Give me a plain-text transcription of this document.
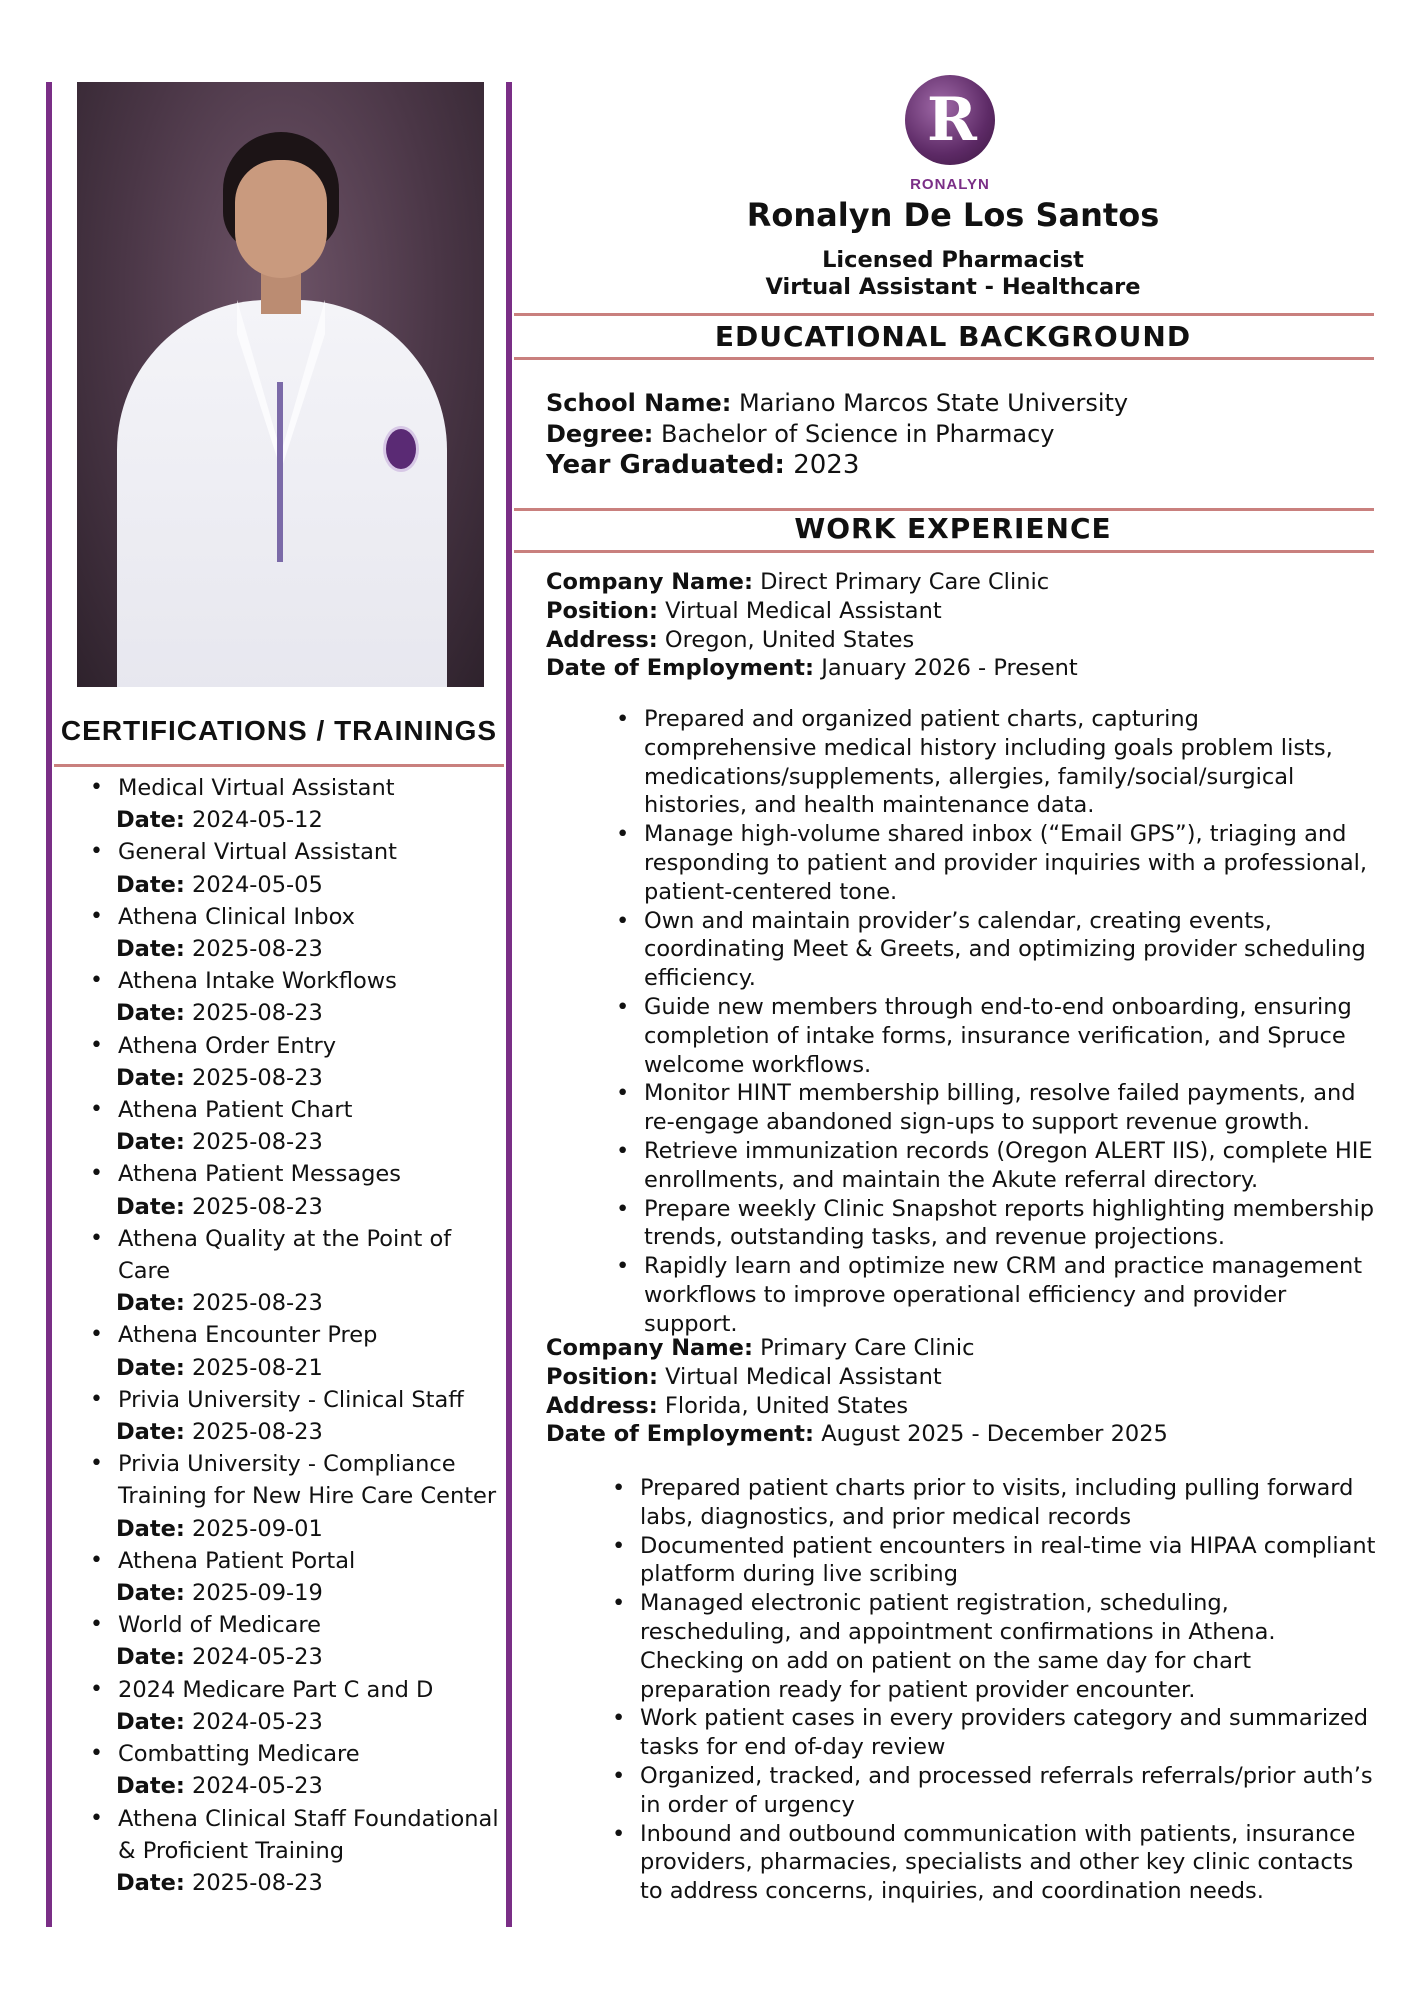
CERTIFICATIONS / TRAININGS
• Medical Virtual Assistant
Date: 2024-05-12
• General Virtual Assistant
Date: 2024-05-05
• Athena Clinical Inbox
Date: 2025-08-23
• Athena Intake Workflows
Date: 2025-08-23
• Athena Order Entry
Date: 2025-08-23
• Athena Patient Chart
Date: 2025-08-23
• Athena Patient Messages
Date: 2025-08-23
• Athena Quality at the Point of Care
Date: 2025-08-23
• Athena Encounter Prep
Date: 2025-08-21
• Privia University - Clinical Staff
Date: 2025-08-23
• Privia University - Compliance Training for New Hire Care Center
Date: 2025-09-01
• Athena Patient Portal
Date: 2025-09-19
• World of Medicare
Date: 2024-05-23
• 2024 Medicare Part C and D
Date: 2024-05-23
• Combatting Medicare
Date: 2024-05-23
• Athena Clinical Staff Foundational & Proficient Training
Date: 2025-08-23
R
RONALYN
Ronalyn De Los Santos
Licensed Pharmacist
Virtual Assistant - Healthcare
EDUCATIONAL BACKGROUND
School Name: Mariano Marcos State University
Degree: Bachelor of Science in Pharmacy
Year Graduated: 2023
WORK EXPERIENCE
Company Name: Direct Primary Care Clinic
Position: Virtual Medical Assistant
Address: Oregon, United States
Date of Employment: January 2026 - Present
• Prepared and organized patient charts, capturing comprehensive medical history including goals problem lists, medications/supplements, allergies, family/social/surgical histories, and health maintenance data.
• Manage high-volume shared inbox (“Email GPS”), triaging and responding to patient and provider inquiries with a professional, patient-centered tone.
• Own and maintain provider’s calendar, creating events, coordinating Meet & Greets, and optimizing provider scheduling efficiency.
• Guide new members through end-to-end onboarding, ensuring completion of intake forms, insurance verification, and Spruce welcome workflows.
• Monitor HINT membership billing, resolve failed payments, and re-engage abandoned sign-ups to support revenue growth.
• Retrieve immunization records (Oregon ALERT IIS), complete HIE enrollments, and maintain the Akute referral directory.
• Prepare weekly Clinic Snapshot reports highlighting membership trends, outstanding tasks, and revenue projections.
• Rapidly learn and optimize new CRM and practice management workflows to improve operational efficiency and provider support.
Company Name: Primary Care Clinic
Position: Virtual Medical Assistant
Address: Florida, United States
Date of Employment: August 2025 - December 2025
• Prepared patient charts prior to visits, including pulling forward labs, diagnostics, and prior medical records
• Documented patient encounters in real-time via HIPAA compliant platform during live scribing
• Managed electronic patient registration, scheduling, rescheduling, and appointment confirmations in Athena. Checking on add on patient on the same day for chart preparation ready for patient provider encounter.
• Work patient cases in every providers category and summarized tasks for end of-day review
• Organized, tracked, and processed referrals referrals/prior auth’s in order of urgency
• Inbound and outbound communication with patients, insurance providers, pharmacies, specialists and other key clinic contacts to address concerns, inquiries, and coordination needs.
